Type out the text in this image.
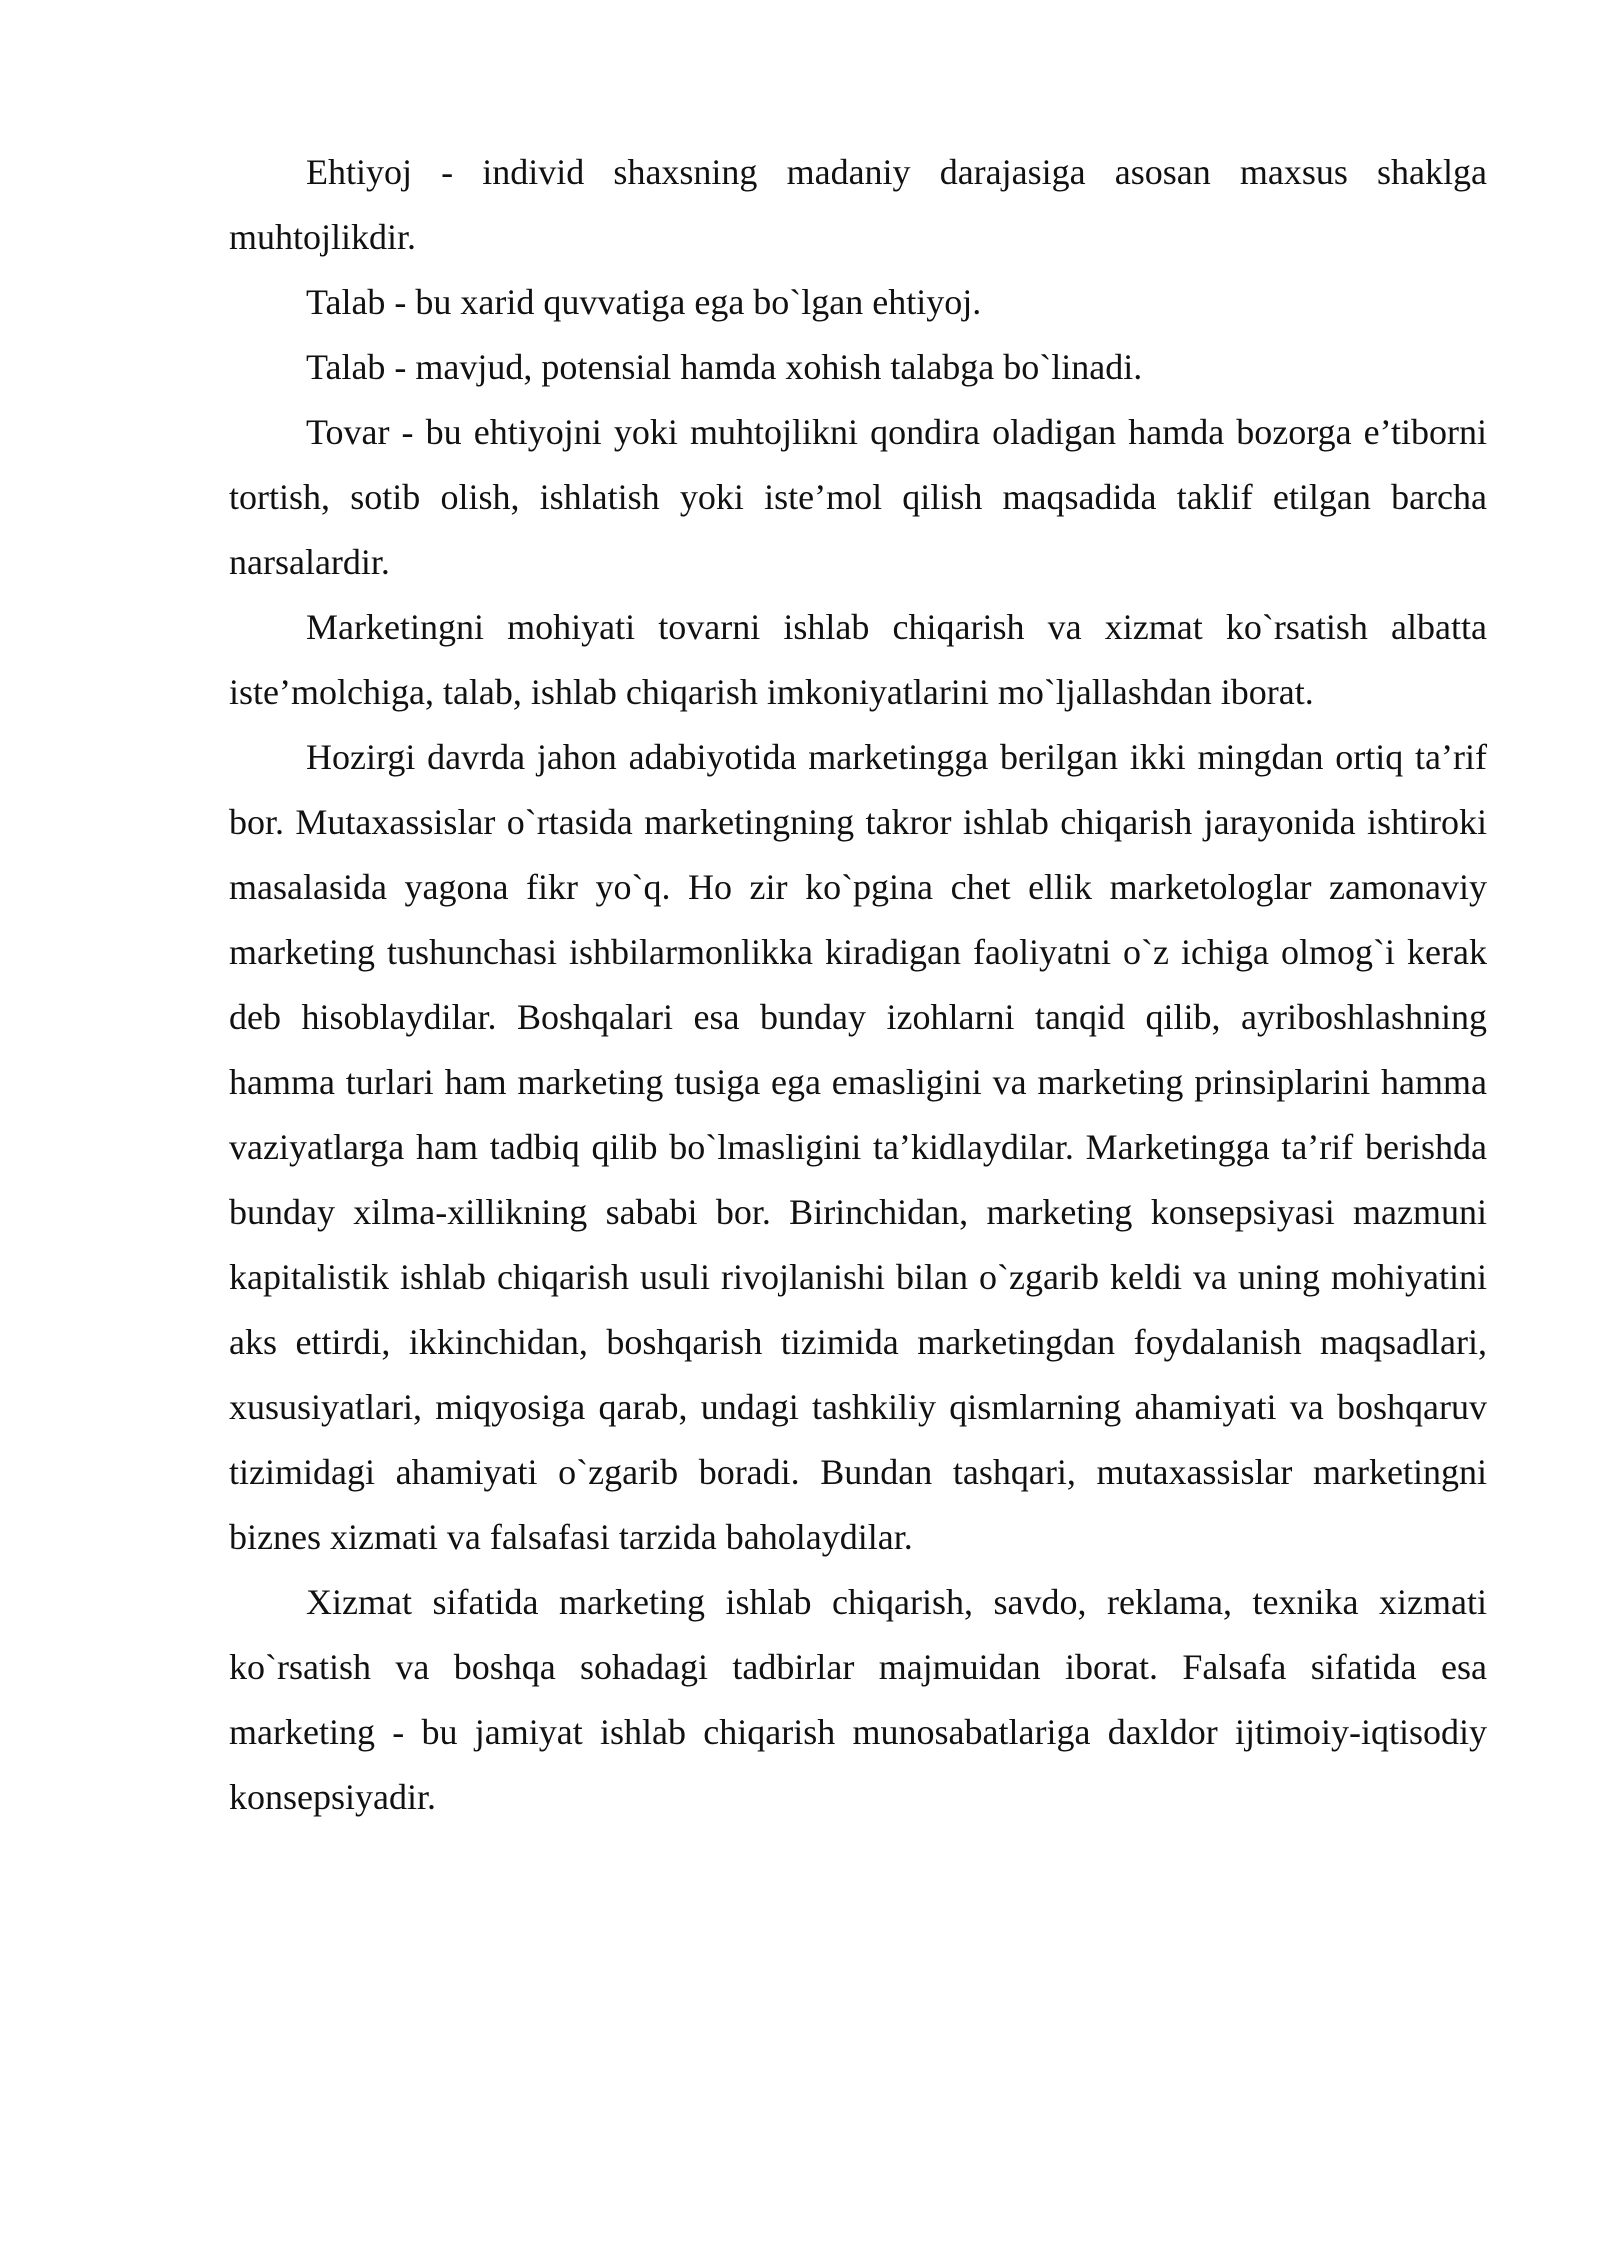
Ehtiyoj - individ shaxsning madaniy darajasiga asosan maxsus shaklga muhtojlikdir.

Talab - bu xarid quvvatiga ega bo`lgan ehtiyoj.

Talab - mavjud, potensial hamda xohish talabga bo`linadi.

Tovar - bu ehtiyojni yoki muhtojlikni qondira oladigan hamda bozorga e’tiborni tortish, sotib olish, ishlatish yoki iste’mol qilish maqsadida taklif etilgan barcha narsalardir.

Marketingni mohiyati tovarni ishlab chiqarish va xizmat ko`rsatish albatta iste’molchiga, talab, ishlab chiqarish imkoniyatlarini mo`ljallashdan iborat.

Hozirgi davrda jahon adabiyotida marketingga berilgan ikki mingdan ortiq ta’rif bor. Mutaxassislar o`rtasida marketingning takror ishlab chiqarish jarayonida ishtiroki masalasida yagona fikr yo`q. Ho zir ko`pgina chet ellik marketologlar zamonaviy marketing tushunchasi ishbilarmonlikka kiradigan faoliyatni o`z ichiga olmog`i kerak deb hisoblaydilar. Boshqalari esa bunday izohlarni tanqid qilib, ayriboshlashning hamma turlari ham marketing tusiga ega emasligini va marketing prinsiplarini hamma vaziyatlarga ham tadbiq qilib bo`lmasligini ta’kidlaydilar. Marketingga ta’rif berishda bunday xilma-xillikning sababi bor. Birinchidan, marketing konsepsiyasi mazmuni kapitalistik ishlab chiqarish usuli rivojlanishi bilan o`zgarib keldi va uning mohiyatini aks ettirdi, ikkinchidan, boshqarish tizimida marketingdan foydalanish maqsadlari, xususiyatlari, miqyosiga qarab, undagi tashkiliy qismlarning ahamiyati va boshqaruv tizimidagi ahamiyati o`zgarib boradi. Bundan tashqari, mutaxassislar marketingni biznes xizmati va falsafasi tarzida baholaydilar.

Xizmat sifatida marketing ishlab chiqarish, savdo, reklama, texnika xizmati ko`rsatish va boshqa sohadagi tadbirlar majmuidan iborat. Falsafa sifatida esa marketing - bu jamiyat ishlab chiqarish munosabatlariga daxldor ijtimoiy-iqtisodiy konsepsiyadir.
